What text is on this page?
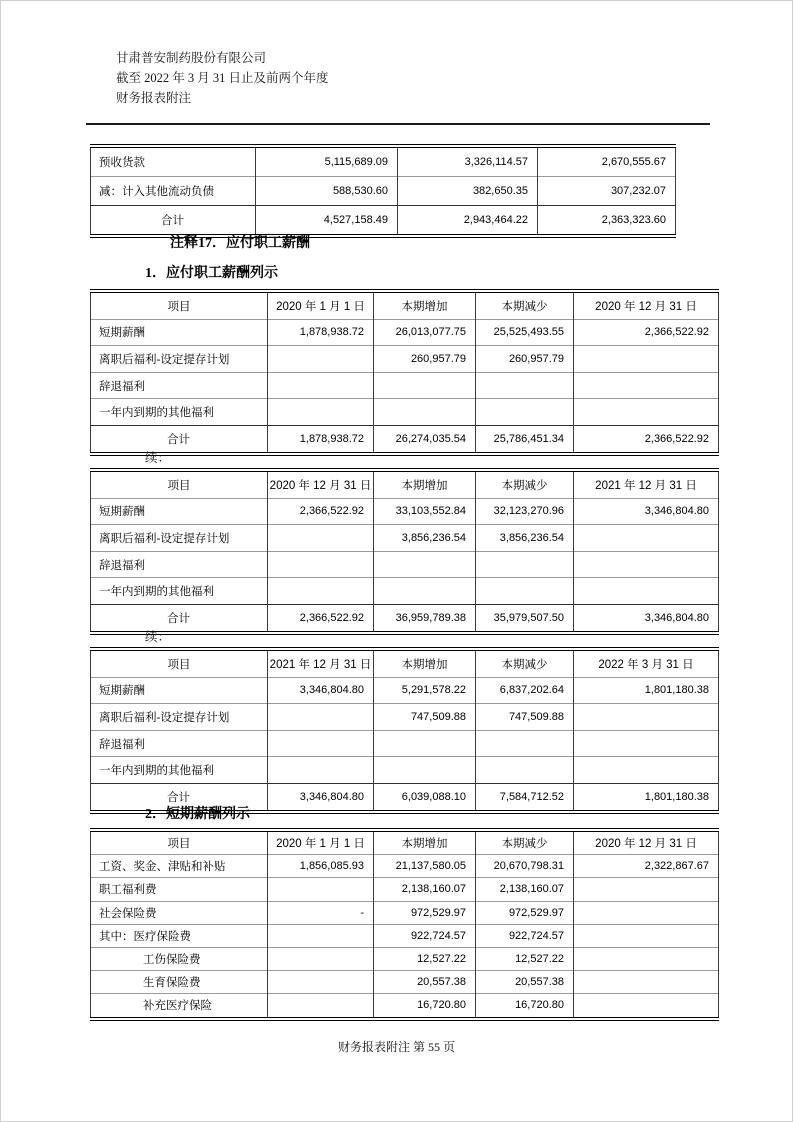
甘肃普安制药股份有限公司
截至 2022 年 3 月 31 日止及前两个年度
财务报表附注
预收货款	5,115,689.09	3,326,114.57	2,670,555.67
减：计入其他流动负债	588,530.60	382,650.35	307,232.07
合计	4,527,158.49	2,943,464.22	2,363,323.60
注释17．应付职工薪酬
1．应付职工薪酬列示
项目	2020 年 1 月 1 日	本期增加	本期减少	2020 年 12 月 31 日
短期薪酬	1,878,938.72	26,013,077.75	25,525,493.55	2,366,522.92
离职后福利-设定提存计划		260,957.79	260,957.79	
辞退福利				
一年内到期的其他福利				
合计	1,878,938.72	26,274,035.54	25,786,451.34	2,366,522.92
续：
项目	2020 年 12 月 31 日	本期增加	本期减少	2021 年 12 月 31 日
短期薪酬	2,366,522.92	33,103,552.84	32,123,270.96	3,346,804.80
离职后福利-设定提存计划		3,856,236.54	3,856,236.54	
辞退福利				
一年内到期的其他福利				
合计	2,366,522.92	36,959,789.38	35,979,507.50	3,346,804.80
续：
项目	2021 年 12 月 31 日	本期增加	本期减少	2022 年 3 月 31 日
短期薪酬	3,346,804.80	5,291,578.22	6,837,202.64	1,801,180.38
离职后福利-设定提存计划		747,509.88	747,509.88	
辞退福利				
一年内到期的其他福利				
合计	3,346,804.80	6,039,088.10	7,584,712.52	1,801,180.38
2．短期薪酬列示
项目	2020 年 1 月 1 日	本期增加	本期减少	2020 年 12 月 31 日
工资、奖金、津贴和补贴	1,856,085.93	21,137,580.05	20,670,798.31	2,322,867.67
职工福利费		2,138,160.07	2,138,160.07	
社会保险费	-	972,529.97	972,529.97	
其中：医疗保险费		922,724.57	922,724.57	
工伤保险费		12,527.22	12,527.22	
生育保险费		20,557.38	20,557.38	
补充医疗保险		16,720.80	16,720.80	
财务报表附注 第 55 页
